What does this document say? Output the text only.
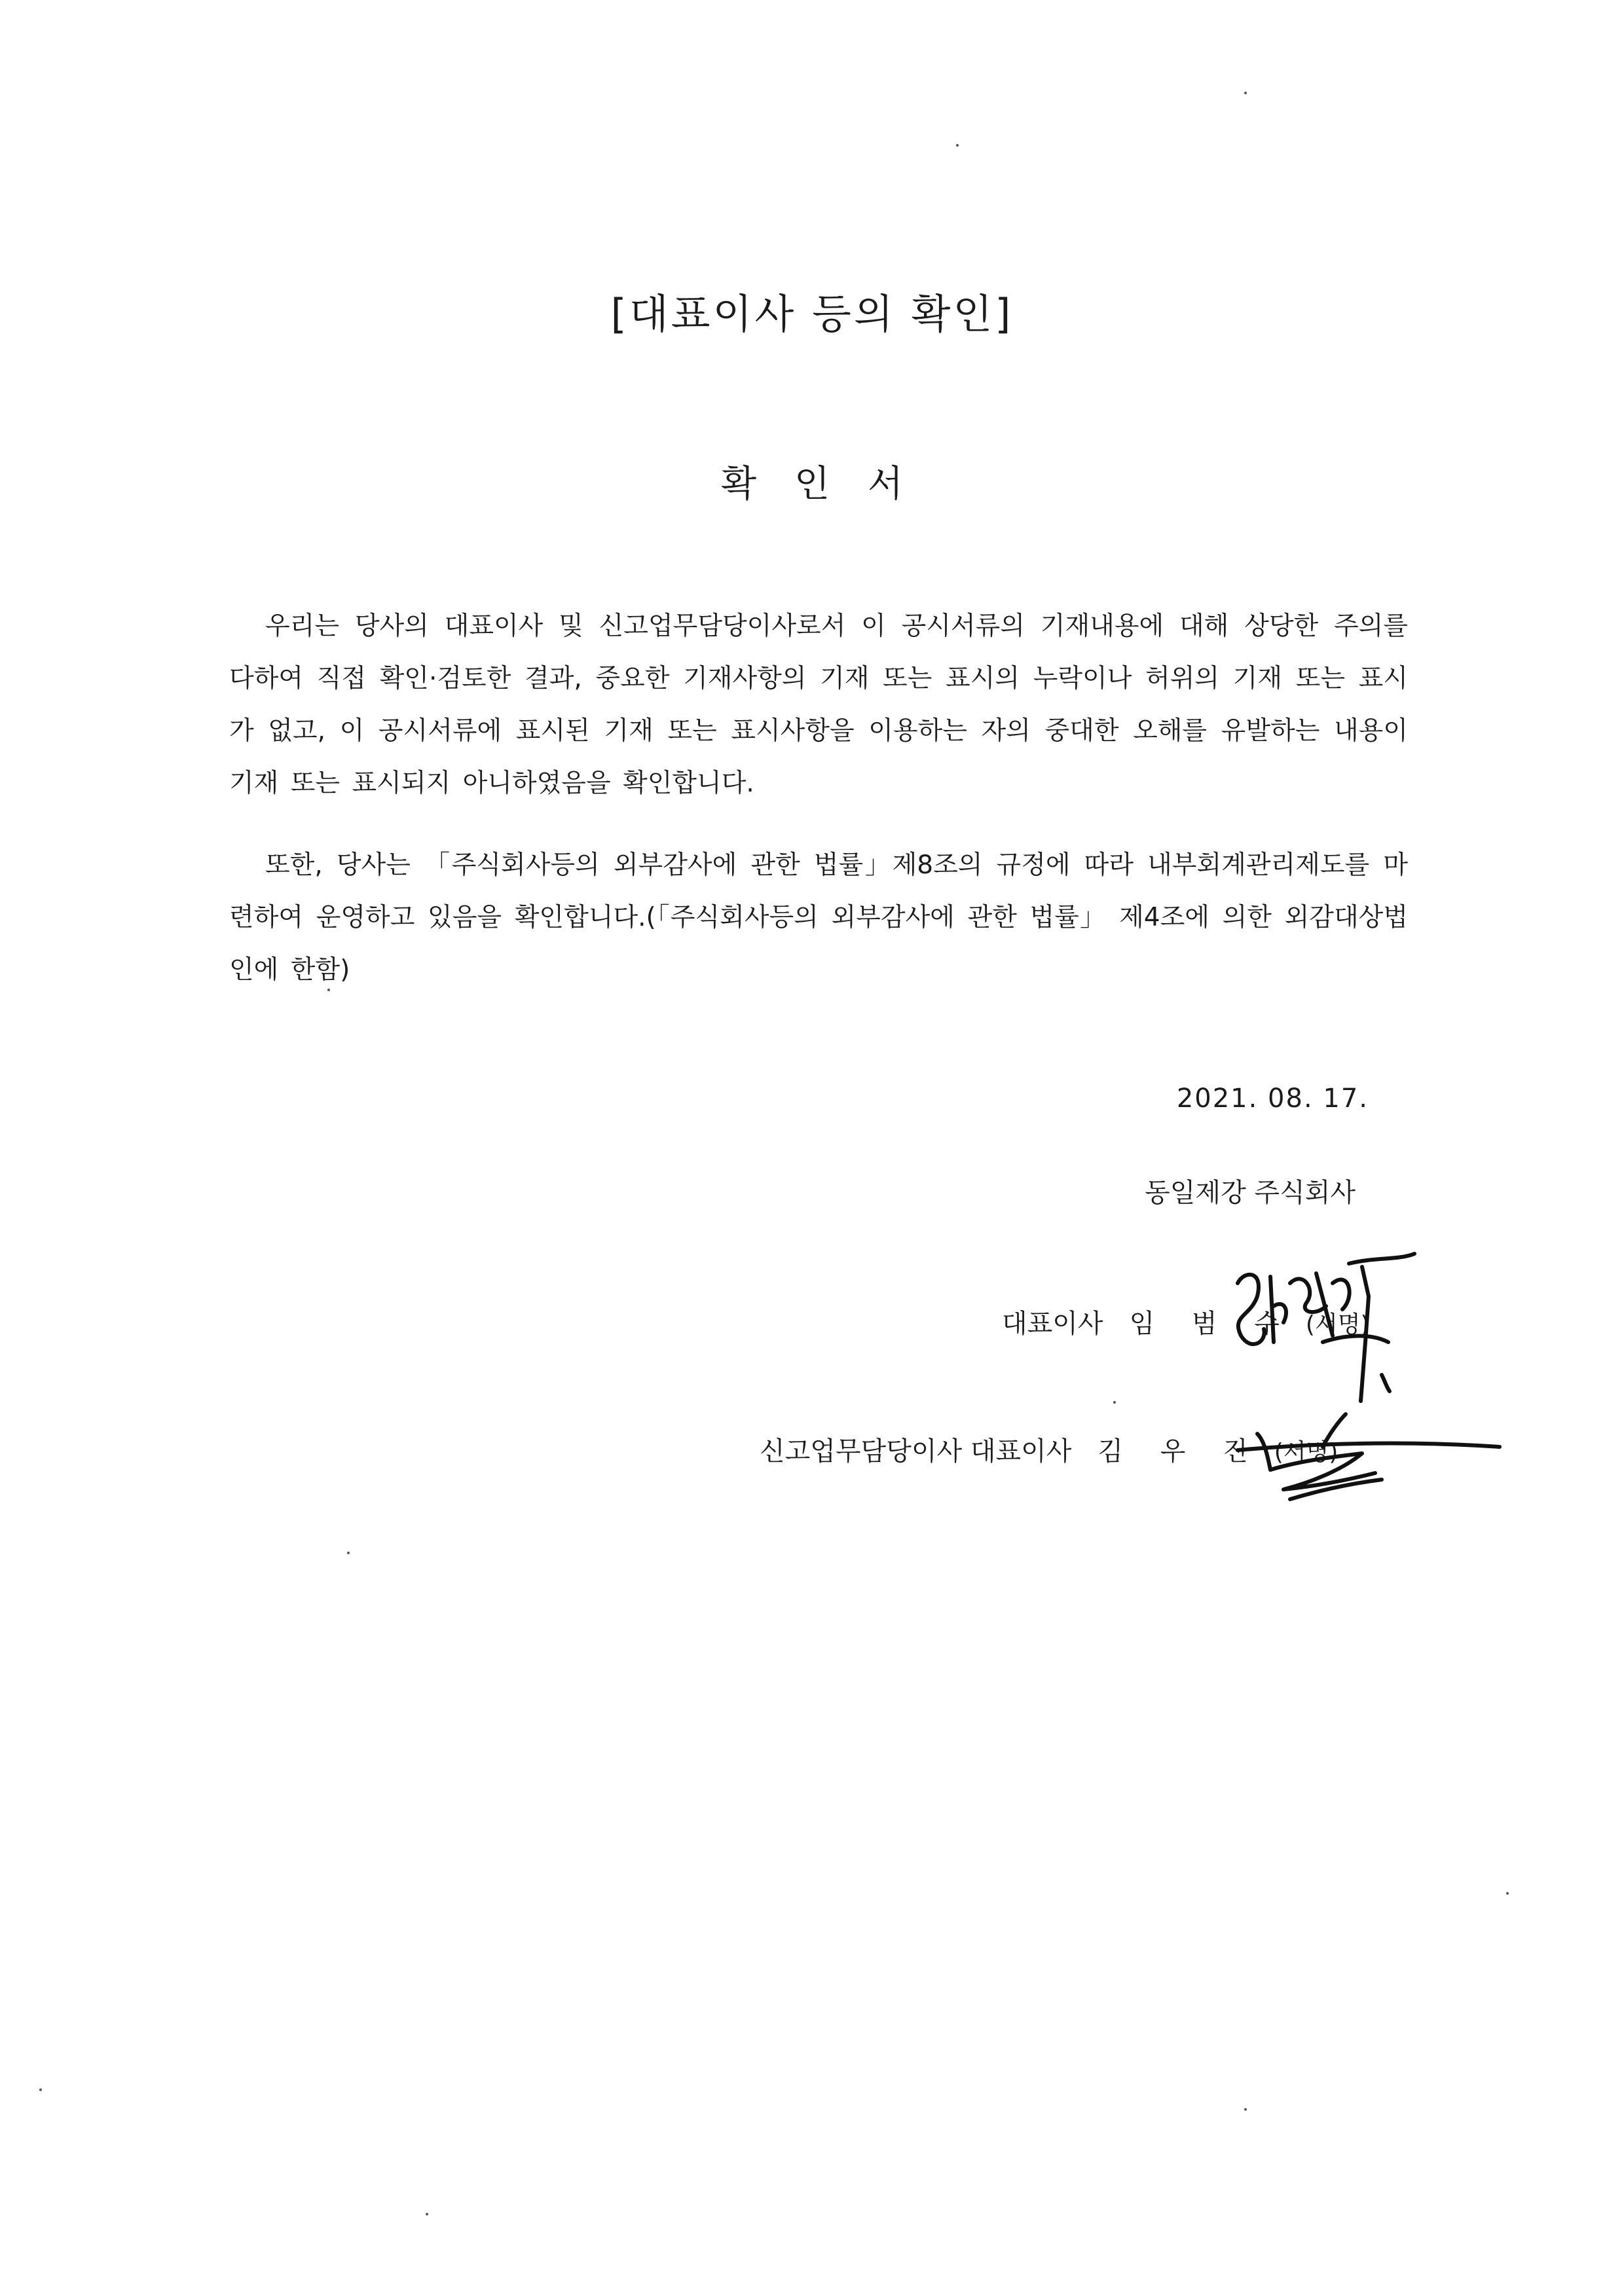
[대표이사 등의 확인]
확 인 서

우리는 당사의 대표이사 및 신고업무담당이사로서 이 공시서류의 기재내용에 대해 상당한 주의를 다하여 직접 확인·검토한 결과, 중요한 기재사항의 기재 또는 표시의 누락이나 허위의 기재 또는 표시가 없고, 이 공시서류에 표시된 기재 또는 표시사항을 이용하는 자의 중대한 오해를 유발하는 내용이 기재 또는 표시되지 아니하였음을 확인합니다.

또한, 당사는 「주식회사등의 외부감사에 관한 법률」제8조의 규정에 따라 내부회계관리제도를 마련하여 운영하고 있음을 확인합니다.(「주식회사등의 외부감사에 관한 법률」 제4조에 의한 외감대상법인에 한함)

2021. 08. 17.
동일제강 주식회사
대표이사 임 범 수 (서명)
신고업무담당이사 대표이사 김 우 진 (서명)
